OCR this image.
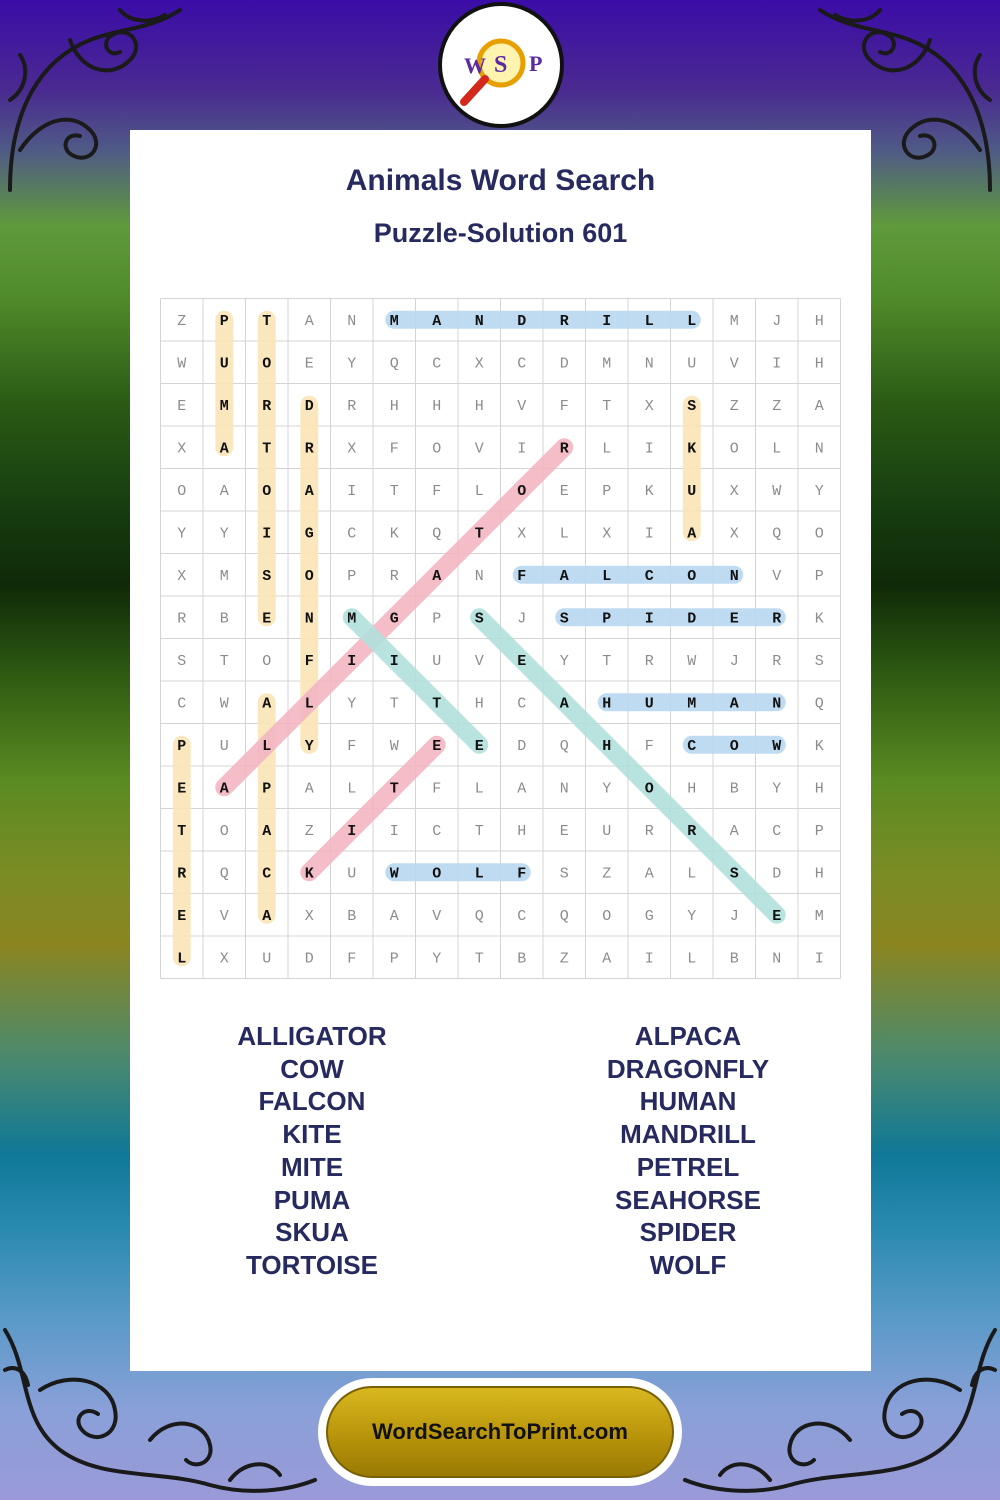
W S P
Animals Word Search
Puzzle-Solution 601
Z P T A N M A N D R I L L M J H
W U O E Y Q C X C D M N U V I H
E M R D R H H H V F T X S Z Z A
X A T R X F O V I R L I K O L N
O A O A I T F L O E P K U X W Y
Y Y I G C K Q T X L X I A X Q O
X M S O P R A N F A L C O N V P
R B E N M G P S J S P I D E R K
S T O F I I U V E Y T R W J R S
C W A L Y T T H C A H U M A N Q
P U L Y F W E E D Q H F C O W K
E A P A L T F L A N Y O H B Y H
T O A Z I I C T H E U R R A C P
R Q C K U W O L F S Z A L S D H
E V A X B A V Q C Q O G Y J E M
L X U D F P Y T B Z A I L B N I
ALLIGATOR
COW
FALCON
KITE
MITE
PUMA
SKUA
TORTOISE
ALPACA
DRAGONFLY
HUMAN
MANDRILL
PETREL
SEAHORSE
SPIDER
WOLF
WordSearchToPrint.com
